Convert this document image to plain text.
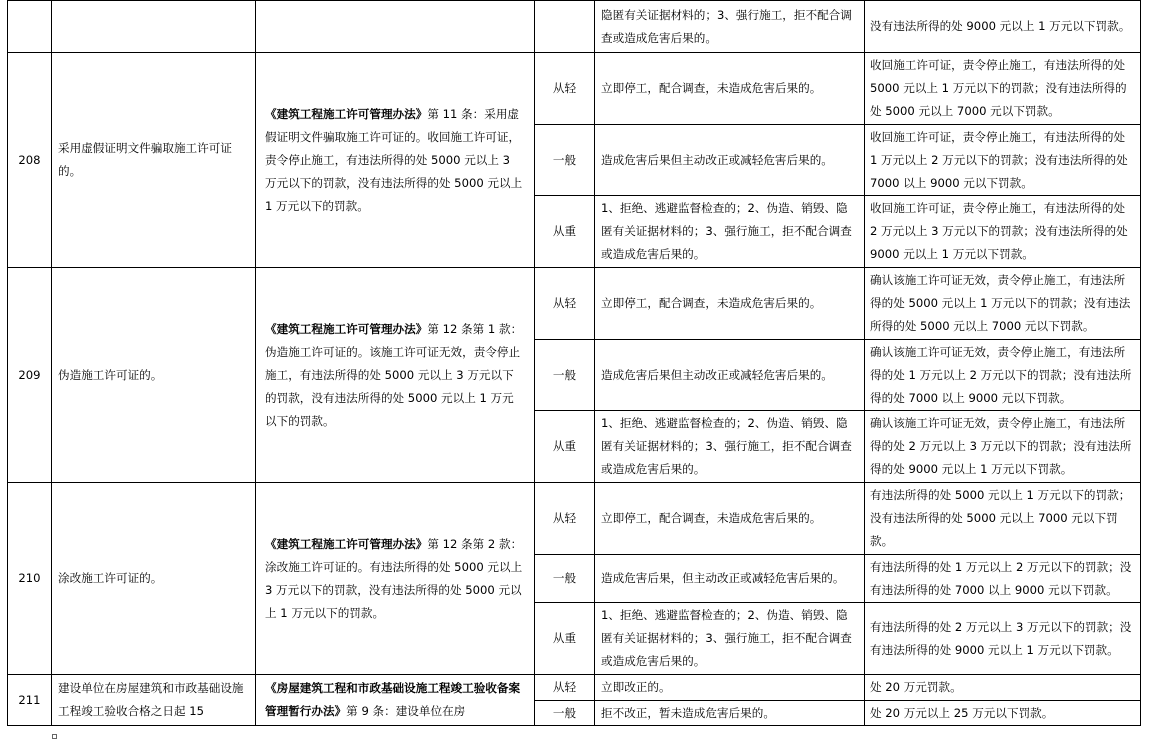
				隐匿有关证据材料的；3、强行施工，拒不配合调查或造成危害后果的。	没有违法所得的处 9000 元以上 1 万元以下罚款。
208	采用虚假证明文件骗取施工许可证的。	《建筑工程施工许可管理办法》第 11 条：采用虚假证明文件骗取施工许可证的。收回施工许可证，责令停止施工，有违法所得的处 5000 元以上 3 万元以下的罚款，没有违法所得的处 5000 元以上 1 万元以下的罚款。	从轻	立即停工，配合调查，未造成危害后果的。	收回施工许可证，责令停止施工，有违法所得的处 5000 元以上 1 万元以下的罚款；没有违法所得的处 5000 元以上 7000 元以下罚款。
			一般	造成危害后果但主动改正或减轻危害后果的。	收回施工许可证，责令停止施工，有违法所得的处 1 万元以上 2 万元以下的罚款；没有违法所得的处 7000 以上 9000 元以下罚款。
			从重	1、拒绝、逃避监督检查的；2、伪造、销毁、隐匿有关证据材料的；3、强行施工，拒不配合调查或造成危害后果的。	收回施工许可证，责令停止施工，有违法所得的处 2 万元以上 3 万元以下的罚款；没有违法所得的处 9000 元以上 1 万元以下罚款。
209	伪造施工许可证的。	《建筑工程施工许可管理办法》第 12 条第 1 款：伪造施工许可证的。该施工许可证无效，责令停止施工，有违法所得的处 5000 元以上 3 万元以下的罚款，没有违法所得的处 5000 元以上 1 万元以下的罚款。	从轻	立即停工，配合调查，未造成危害后果的。	确认该施工许可证无效，责令停止施工，有违法所得的处 5000 元以上 1 万元以下的罚款；没有违法所得的处 5000 元以上 7000 元以下罚款。
			一般	造成危害后果但主动改正或减轻危害后果的。	确认该施工许可证无效，责令停止施工，有违法所得的处 1 万元以上 2 万元以下的罚款；没有违法所得的处 7000 以上 9000 元以下罚款。
			从重	1、拒绝、逃避监督检查的；2、伪造、销毁、隐匿有关证据材料的；3、强行施工，拒不配合调查或造成危害后果的。	确认该施工许可证无效，责令停止施工，有违法所得的处 2 万元以上 3 万元以下的罚款；没有违法所得的处 9000 元以上 1 万元以下罚款。
210	涂改施工许可证的。	《建筑工程施工许可管理办法》第 12 条第 2 款：涂改施工许可证的。有违法所得的处 5000 元以上 3 万元以下的罚款，没有违法所得的处 5000 元以上 1 万元以下的罚款。	从轻	立即停工，配合调查，未造成危害后果的。	有违法所得的处 5000 元以上 1 万元以下的罚款；没有违法所得的处 5000 元以上 7000 元以下罚款。
			一般	造成危害后果，但主动改正或减轻危害后果的。	有违法所得的处 1 万元以上 2 万元以下的罚款；没有违法所得的处 7000 以上 9000 元以下罚款。
			从重	1、拒绝、逃避监督检查的；2、伪造、销毁、隐匿有关证据材料的；3、强行施工，拒不配合调查或造成危害后果的。	有违法所得的处 2 万元以上 3 万元以下的罚款；没有违法所得的处 9000 元以上 1 万元以下罚款。
211	建设单位在房屋建筑和市政基础设施工程竣工验收合格之日起 15	《房屋建筑工程和市政基础设施工程竣工验收备案管理暂行办法》第 9 条：建设单位在房	从轻	立即改正的。	处 20 万元罚款。
			一般	拒不改正，暂未造成危害后果的。	处 20 万元以上 25 万元以下罚款。
